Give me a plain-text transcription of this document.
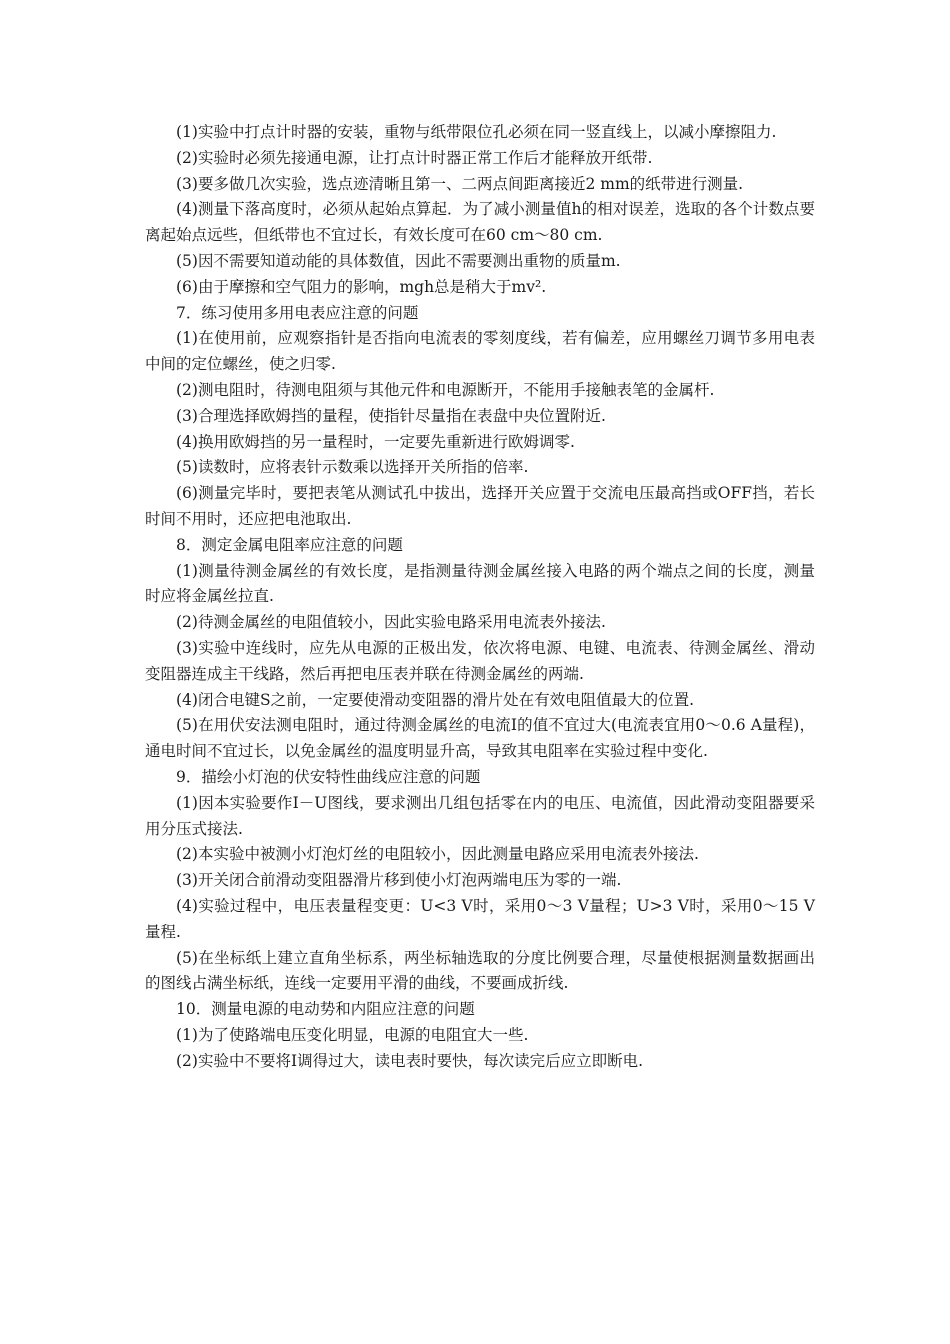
(1)实验中打点计时器的安装，重物与纸带限位孔必须在同一竖直线上，以减小摩擦阻力.

(2)实验时必须先接通电源，让打点计时器正常工作后才能释放开纸带.

(3)要多做几次实验，选点迹清晰且第一、二两点间距离接近2 mm的纸带进行测量.

(4)测量下落高度时，必须从起始点算起．为了减小测量值h的相对误差，选取的各个计数点要离起始点远些，但纸带也不宜过长，有效长度可在60 cm～80 cm.

(5)因不需要知道动能的具体数值，因此不需要测出重物的质量m.

(6)由于摩擦和空气阻力的影响，mgh总是稍大于mv².

7．练习使用多用电表应注意的问题

(1)在使用前，应观察指针是否指向电流表的零刻度线，若有偏差，应用螺丝刀调节多用电表中间的定位螺丝，使之归零.

(2)测电阻时，待测电阻须与其他元件和电源断开，不能用手接触表笔的金属杆.

(3)合理选择欧姆挡的量程，使指针尽量指在表盘中央位置附近.

(4)换用欧姆挡的另一量程时，一定要先重新进行欧姆调零.

(5)读数时，应将表针示数乘以选择开关所指的倍率.

(6)测量完毕时，要把表笔从测试孔中拔出，选择开关应置于交流电压最高挡或OFF挡，若长时间不用时，还应把电池取出.

8．测定金属电阻率应注意的问题

(1)测量待测金属丝的有效长度，是指测量待测金属丝接入电路的两个端点之间的长度，测量时应将金属丝拉直.

(2)待测金属丝的电阻值较小，因此实验电路采用电流表外接法.

(3)实验中连线时，应先从电源的正极出发，依次将电源、电键、电流表、待测金属丝、滑动变阻器连成主干线路，然后再把电压表并联在待测金属丝的两端.

(4)闭合电键S之前，一定要使滑动变阻器的滑片处在有效电阻值最大的位置.

(5)在用伏安法测电阻时，通过待测金属丝的电流I的值不宜过大(电流表宜用0～0.6 A量程)，通电时间不宜过长，以免金属丝的温度明显升高，导致其电阻率在实验过程中变化.

9．描绘小灯泡的伏安特性曲线应注意的问题

(1)因本实验要作I－U图线，要求测出几组包括零在内的电压、电流值，因此滑动变阻器要采用分压式接法.

(2)本实验中被测小灯泡灯丝的电阻较小，因此测量电路应采用电流表外接法.

(3)开关闭合前滑动变阻器滑片移到使小灯泡两端电压为零的一端.

(4)实验过程中，电压表量程变更：U<3 V时，采用0～3 V量程；U>3 V时，采用0～15 V量程.

(5)在坐标纸上建立直角坐标系，两坐标轴选取的分度比例要合理，尽量使根据测量数据画出的图线占满坐标纸，连线一定要用平滑的曲线，不要画成折线.

10．测量电源的电动势和内阻应注意的问题

(1)为了使路端电压变化明显，电源的电阻宜大一些.

(2)实验中不要将I调得过大，读电表时要快，每次读完后应立即断电.
